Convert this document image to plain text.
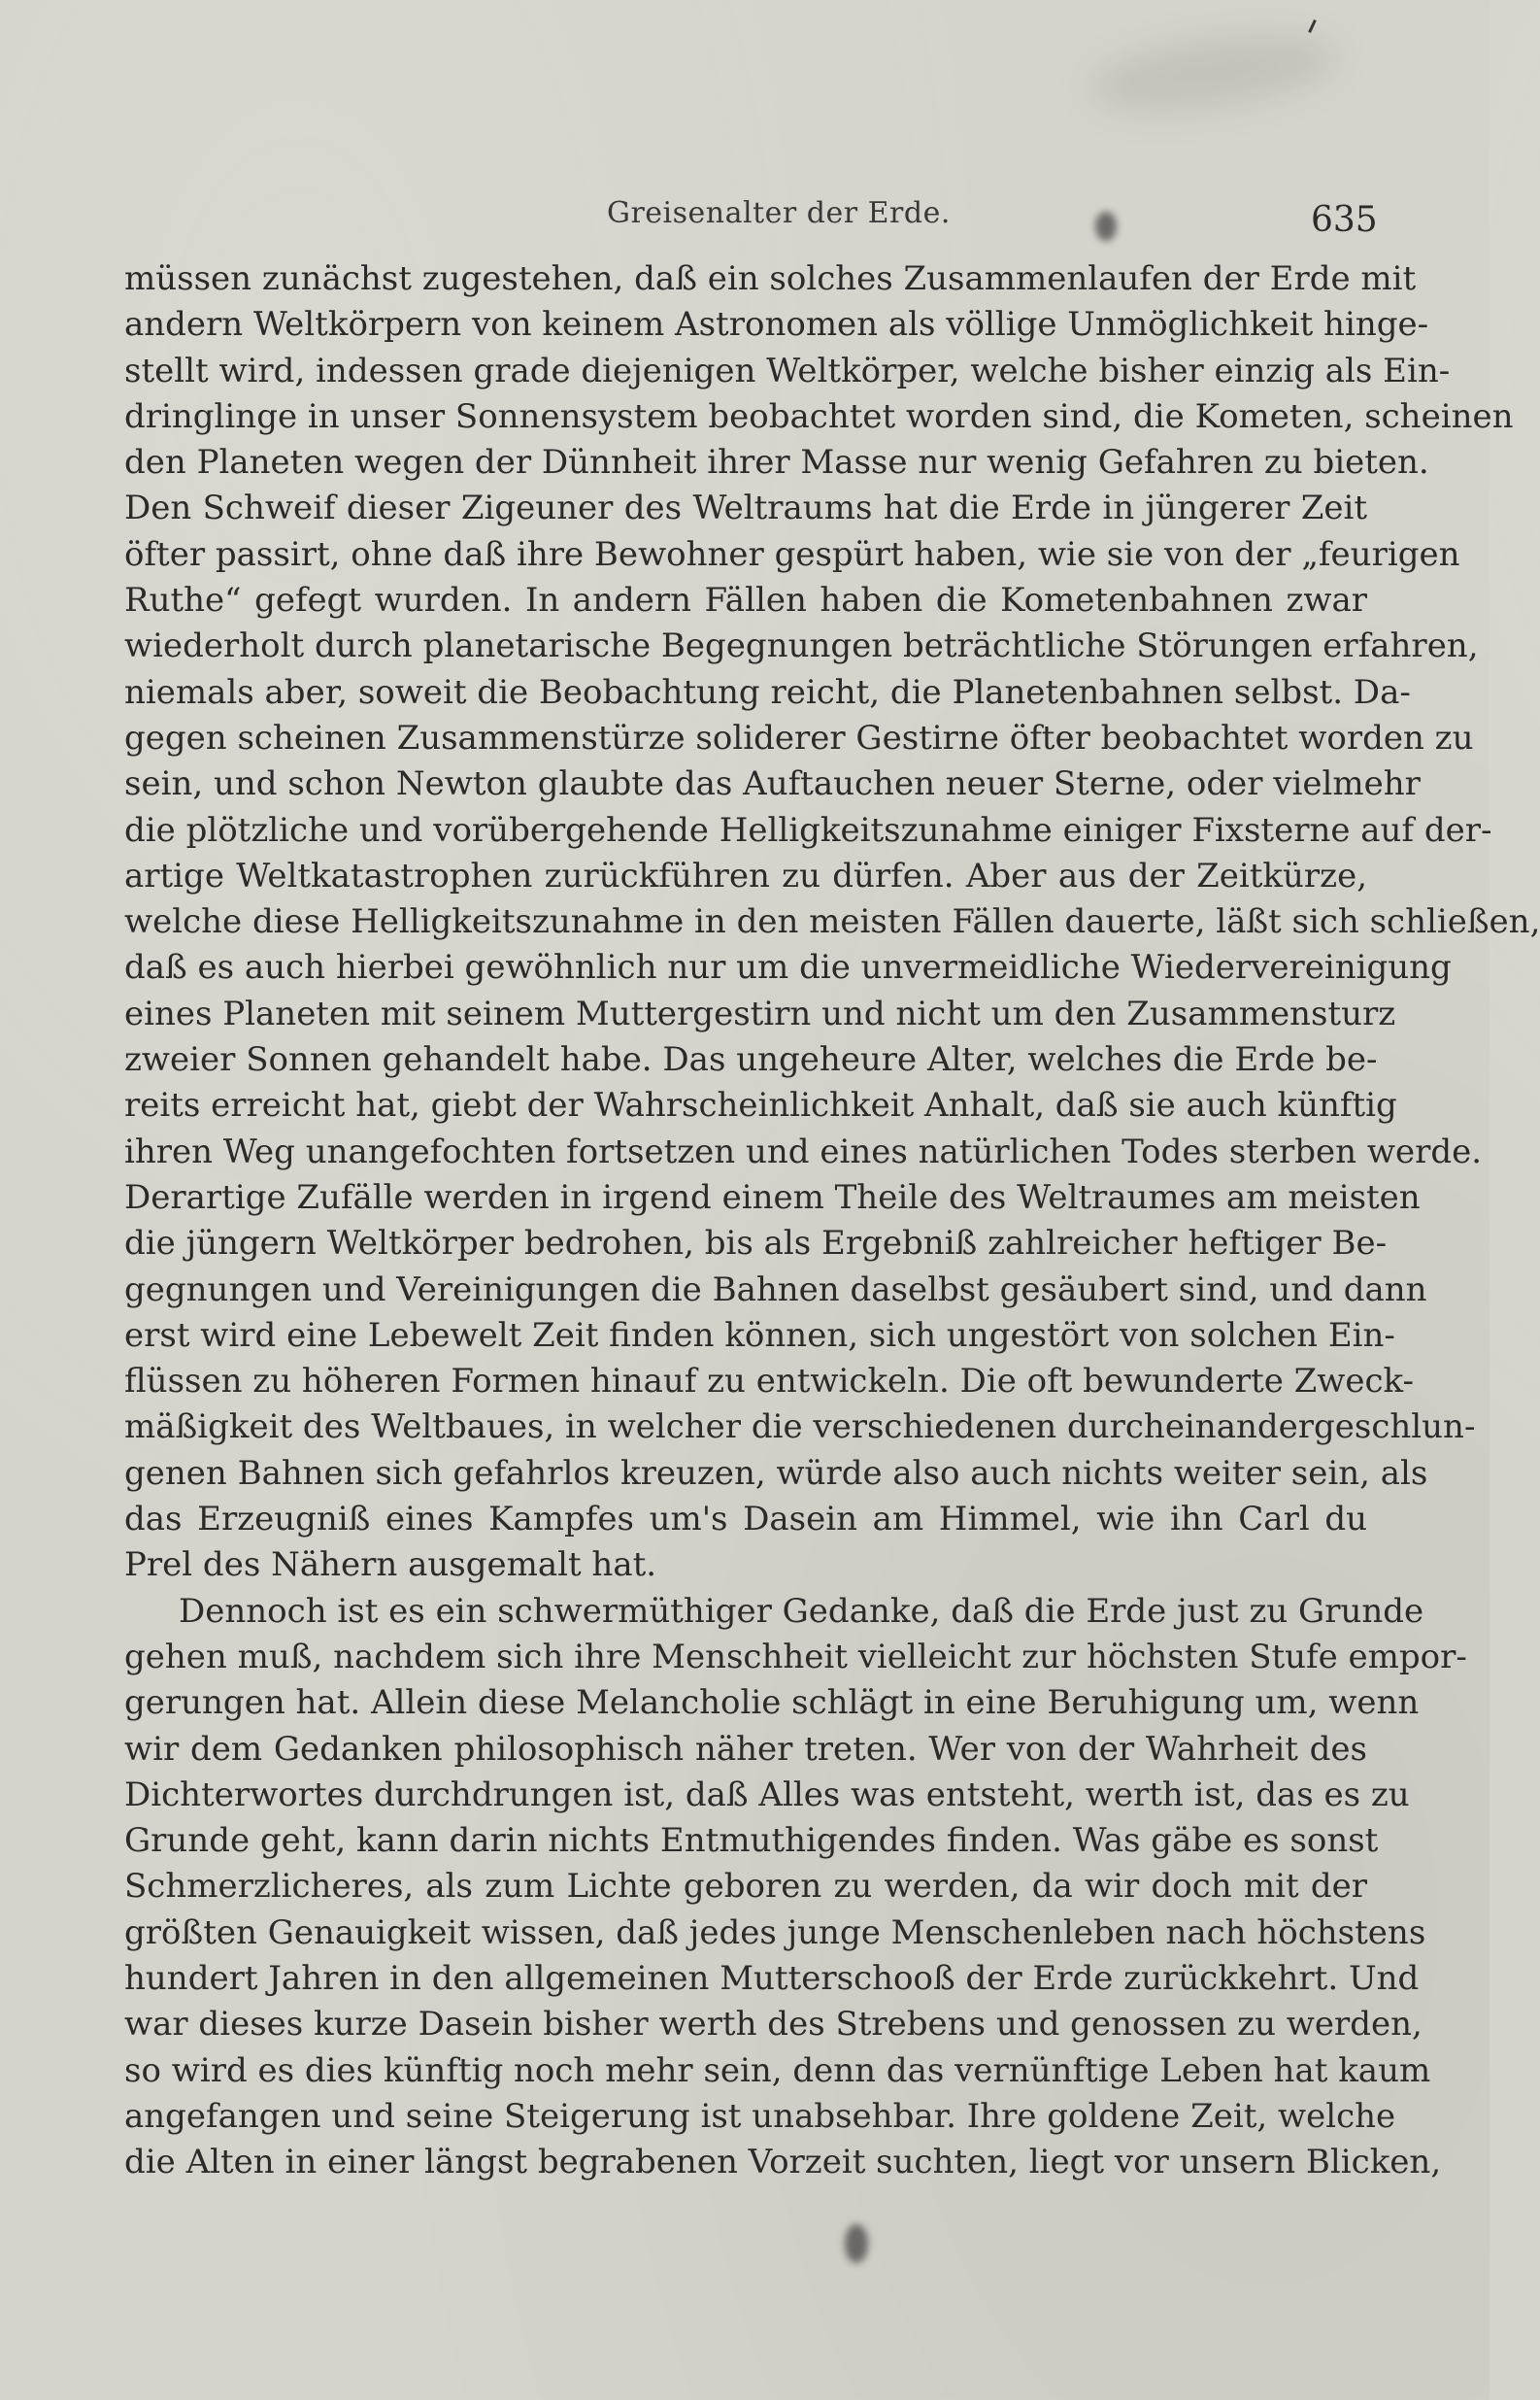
Greisenalter der Erde.	635
müssen zunächst zugestehen, daß ein solches Zusammenlaufen der Erde mit
andern Weltkörpern von keinem Astronomen als völlige Unmöglichkeit hinge-
stellt wird, indessen grade diejenigen Weltkörper, welche bisher einzig als Ein-
dringlinge in unser Sonnensystem beobachtet worden sind, die Kometen, scheinen
den Planeten wegen der Dünnheit ihrer Masse nur wenig Gefahren zu bieten.
Den Schweif dieser Zigeuner des Weltraums hat die Erde in jüngerer Zeit
öfter passirt, ohne daß ihre Bewohner gespürt haben, wie sie von der „feurigen
Ruthe“ gefegt wurden. In andern Fällen haben die Kometenbahnen zwar
wiederholt durch planetarische Begegnungen beträchtliche Störungen erfahren,
niemals aber, soweit die Beobachtung reicht, die Planetenbahnen selbst. Da-
gegen scheinen Zusammenstürze soliderer Gestirne öfter beobachtet worden zu
sein, und schon Newton glaubte das Auftauchen neuer Sterne, oder vielmehr
die plötzliche und vorübergehende Helligkeitszunahme einiger Fixsterne auf der-
artige Weltkatastrophen zurückführen zu dürfen. Aber aus der Zeitkürze,
welche diese Helligkeitszunahme in den meisten Fällen dauerte, läßt sich schließen,
daß es auch hierbei gewöhnlich nur um die unvermeidliche Wiedervereinigung
eines Planeten mit seinem Muttergestirn und nicht um den Zusammensturz
zweier Sonnen gehandelt habe. Das ungeheure Alter, welches die Erde be-
reits erreicht hat, giebt der Wahrscheinlichkeit Anhalt, daß sie auch künftig
ihren Weg unangefochten fortsetzen und eines natürlichen Todes sterben werde.
Derartige Zufälle werden in irgend einem Theile des Weltraumes am meisten
die jüngern Weltkörper bedrohen, bis als Ergebniß zahlreicher heftiger Be-
gegnungen und Vereinigungen die Bahnen daselbst gesäubert sind, und dann
erst wird eine Lebewelt Zeit finden können, sich ungestört von solchen Ein-
flüssen zu höheren Formen hinauf zu entwickeln. Die oft bewunderte Zweck-
mäßigkeit des Weltbaues, in welcher die verschiedenen durcheinandergeschlun-
genen Bahnen sich gefahrlos kreuzen, würde also auch nichts weiter sein, als
das Erzeugniß eines Kampfes um's Dasein am Himmel, wie ihn Carl du
Prel des Nähern ausgemalt hat.
Dennoch ist es ein schwermüthiger Gedanke, daß die Erde just zu Grunde
gehen muß, nachdem sich ihre Menschheit vielleicht zur höchsten Stufe empor-
gerungen hat. Allein diese Melancholie schlägt in eine Beruhigung um, wenn
wir dem Gedanken philosophisch näher treten. Wer von der Wahrheit des
Dichterwortes durchdrungen ist, daß Alles was entsteht, werth ist, das es zu
Grunde geht, kann darin nichts Entmuthigendes finden. Was gäbe es sonst
Schmerzlicheres, als zum Lichte geboren zu werden, da wir doch mit der
größten Genauigkeit wissen, daß jedes junge Menschenleben nach höchstens
hundert Jahren in den allgemeinen Mutterschooß der Erde zurückkehrt. Und
war dieses kurze Dasein bisher werth des Strebens und genossen zu werden,
so wird es dies künftig noch mehr sein, denn das vernünftige Leben hat kaum
angefangen und seine Steigerung ist unabsehbar. Ihre goldene Zeit, welche
die Alten in einer längst begrabenen Vorzeit suchten, liegt vor unsern Blicken,
